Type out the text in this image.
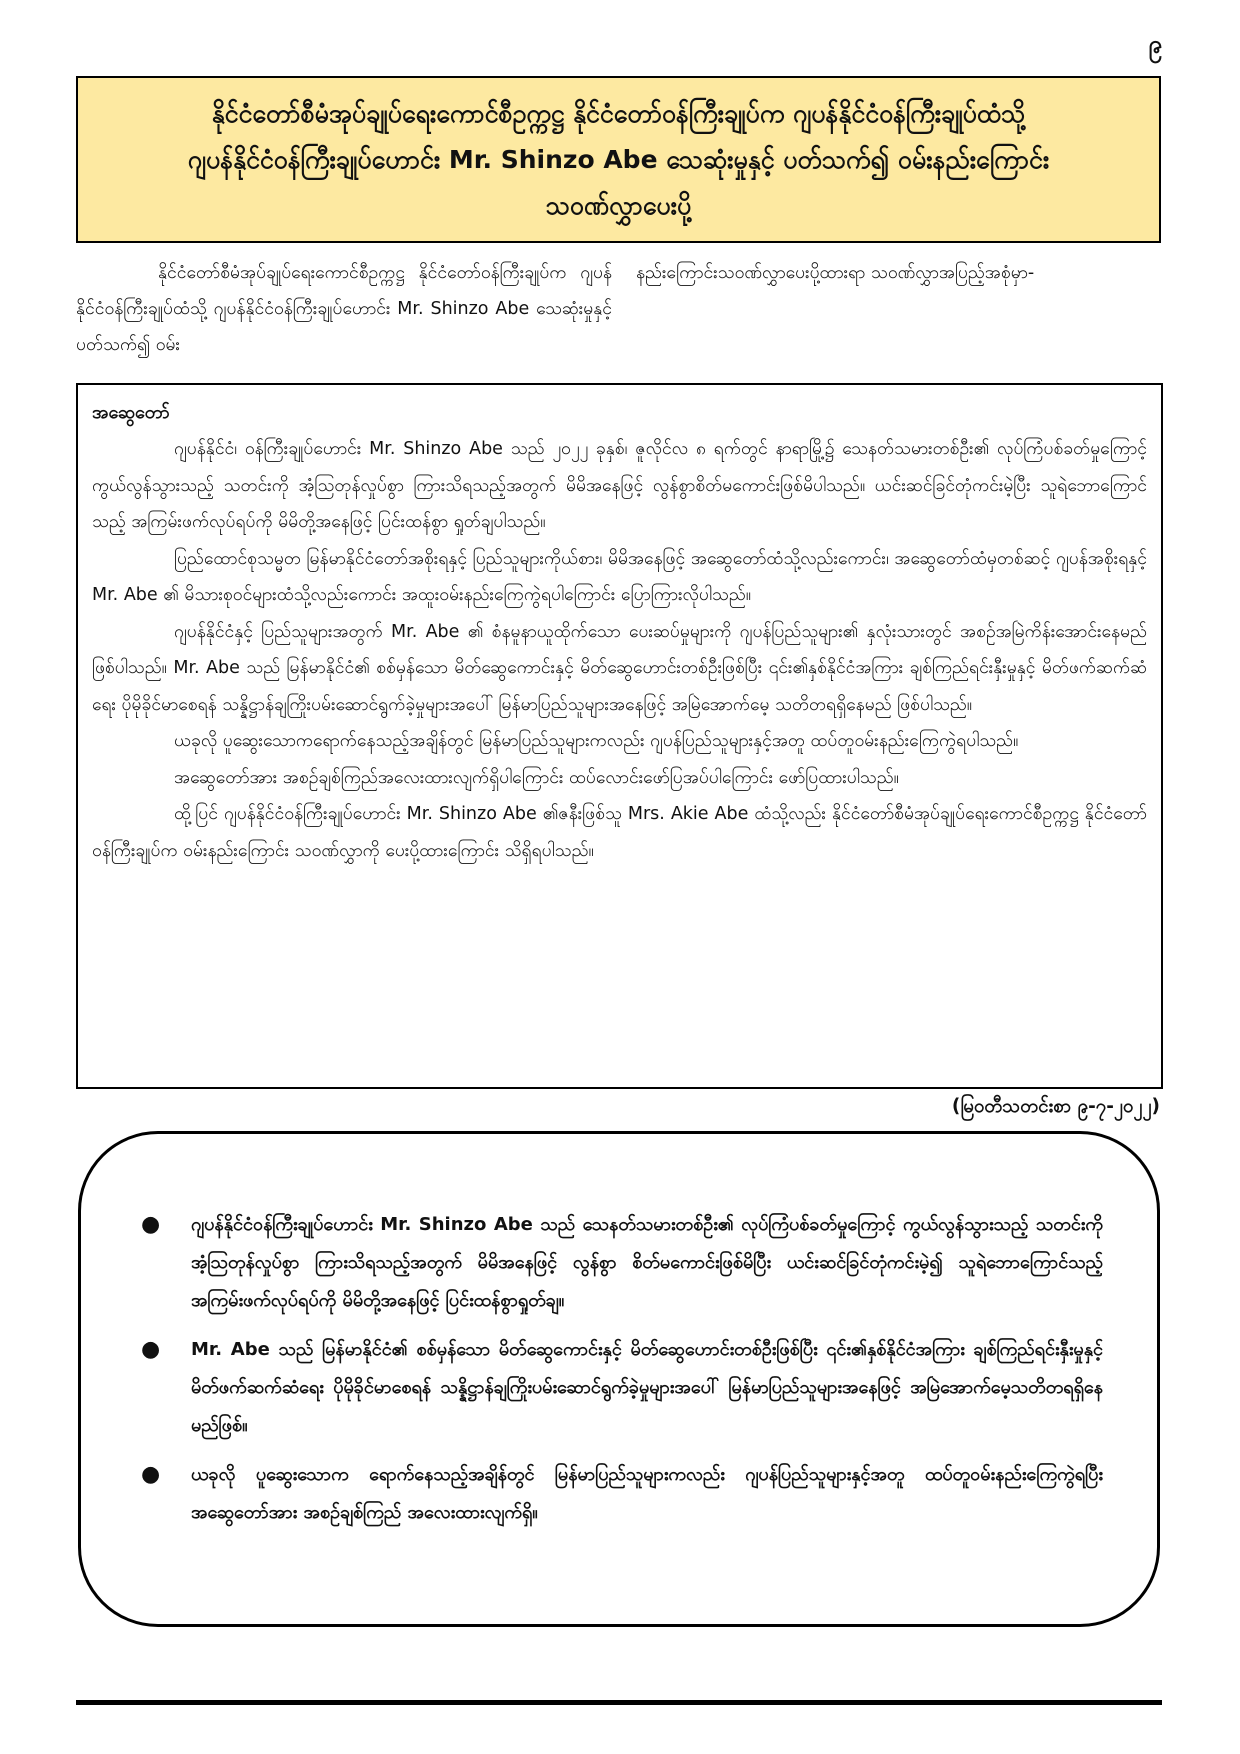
၉
နိုင်ငံတော်စီမံအုပ်ချုပ်ရေးကောင်စီဥက္ကဋ္ဌ နိုင်ငံတော်ဝန်ကြီးချုပ်က ဂျပန်နိုင်ငံဝန်ကြီးချုပ်ထံသို့
ဂျပန်နိုင်ငံဝန်ကြီးချုပ်ဟောင်း Mr. Shinzo Abe သေဆုံးမှုနှင့် ပတ်သက်၍ ဝမ်းနည်းကြောင်း
သဝဏ်လွှာပေးပို့
နိုင်ငံတော်စီမံအုပ်ချုပ်ရေးကောင်စီဥက္ကဋ္ဌ နိုင်ငံတော်ဝန်ကြီးချုပ်က ဂျပန်နိုင်ငံဝန်ကြီးချုပ်ထံသို့ ဂျပန်နိုင်ငံဝန်ကြီးချုပ်ဟောင်း Mr. Shinzo Abe သေဆုံးမှုနှင့်ပတ်သက်၍ ဝမ်း
နည်းကြောင်းသဝဏ်လွှာပေးပို့ထားရာ သဝဏ်လွှာအပြည့်အစုံမှာ-
အဆွေတော်

ဂျပန်နိုင်ငံ၊ ဝန်ကြီးချုပ်ဟောင်း Mr. Shinzo Abe သည် ၂၀၂၂ ခုနှစ်၊ ဇူလိုင်လ ၈ ရက်တွင် နာရာမြို့၌ သေနတ်သမားတစ်ဦး၏ လုပ်ကြံပစ်ခတ်မှုကြောင့် ကွယ်လွန်သွားသည့် သတင်းကို အံ့သြတုန်လှုပ်စွာ ကြားသိရသည့်အတွက် မိမိအနေဖြင့် လွန်စွာစိတ်မကောင်းဖြစ်မိပါသည်။ ယင်းဆင်ခြင်တုံကင်းမဲ့ပြီး သူရဲဘောကြောင်သည့် အကြမ်းဖက်လုပ်ရပ်ကို မိမိတို့အနေဖြင့် ပြင်းထန်စွာ ရှုတ်ချပါသည်။

ပြည်ထောင်စုသမ္မတ မြန်မာနိုင်ငံတော်အစိုးရနှင့် ပြည်သူများကိုယ်စား၊ မိမိအနေဖြင့် အဆွေတော်ထံသို့လည်းကောင်း၊ အဆွေတော်ထံမှတစ်ဆင့် ဂျပန်အစိုးရနှင့် Mr. Abe ၏ မိသားစုဝင်များထံသို့လည်းကောင်း အထူးဝမ်းနည်းကြေကွဲရပါကြောင်း ပြောကြားလိုပါသည်။

ဂျပန်နိုင်ငံနှင့် ပြည်သူများအတွက် Mr. Abe ၏ စံနမူနာယူထိုက်သော ပေးဆပ်မှုများကို ဂျပန်ပြည်သူများ၏ နှလုံးသားတွင် အစဉ်အမြဲကိန်းအောင်းနေမည် ဖြစ်ပါသည်။ Mr. Abe သည် မြန်မာနိုင်ငံ၏ စစ်မှန်သော မိတ်ဆွေကောင်းနှင့် မိတ်ဆွေဟောင်းတစ်ဦးဖြစ်ပြီး ၎င်း၏နှစ်နိုင်ငံအကြား ချစ်ကြည်ရင်းနှီးမှုနှင့် မိတ်ဖက်ဆက်ဆံရေး ပိုမိုခိုင်မာစေရန် သန္နိဋ္ဌာန်ချကြိုးပမ်းဆောင်ရွက်ခဲ့မှုများအပေါ် မြန်မာပြည်သူများအနေဖြင့် အမြဲအောက်မေ့ သတိတရရှိနေမည် ဖြစ်ပါသည်။

ယခုလို ပူဆွေးသောကရောက်နေသည့်အချိန်တွင် မြန်မာပြည်သူများကလည်း ဂျပန်ပြည်သူများနှင့်အတူ ထပ်တူဝမ်းနည်းကြေကွဲရပါသည်။

အဆွေတော်အား အစဉ်ချစ်ကြည်အလေးထားလျက်ရှိပါကြောင်း ထပ်လောင်းဖော်ပြအပ်ပါကြောင်း ဖော်ပြထားပါသည်။

ထို့ပြင် ဂျပန်နိုင်ငံဝန်ကြီးချုပ်ဟောင်း Mr. Shinzo Abe ၏ဇနီးဖြစ်သူ Mrs. Akie Abe ထံသို့လည်း နိုင်ငံတော်စီမံအုပ်ချုပ်ရေးကောင်စီဥက္ကဋ္ဌ နိုင်ငံတော်ဝန်ကြီးချုပ်က ဝမ်းနည်းကြောင်း သဝဏ်လွှာကို ပေးပို့ထားကြောင်း သိရှိရပါသည်။

(မြဝတီသတင်းစာ ၉-၇-၂၀၂၂)
● ဂျပန်နိုင်ငံဝန်ကြီးချုပ်ဟောင်း Mr. Shinzo Abe သည် သေနတ်သမားတစ်ဦး၏ လုပ်ကြံပစ်ခတ်မှုကြောင့် ကွယ်လွန်သွားသည့် သတင်းကို အံ့သြတုန်လှုပ်စွာ ကြားသိရသည့်အတွက် မိမိအနေဖြင့် လွန်စွာ စိတ်မကောင်းဖြစ်မိပြီး ယင်းဆင်ခြင်တုံကင်းမဲ့၍ သူရဲဘောကြောင်သည့် အကြမ်းဖက်လုပ်ရပ်ကို မိမိတို့အနေဖြင့် ပြင်းထန်စွာရှုတ်ချ။
● Mr. Abe သည် မြန်မာနိုင်ငံ၏ စစ်မှန်သော မိတ်ဆွေကောင်းနှင့် မိတ်ဆွေဟောင်းတစ်ဦးဖြစ်ပြီး ၎င်း၏နှစ်နိုင်ငံအကြား ချစ်ကြည်ရင်းနှီးမှုနှင့် မိတ်ဖက်ဆက်ဆံရေး ပိုမိုခိုင်မာစေရန် သန္နိဋ္ဌာန်ချကြိုးပမ်းဆောင်ရွက်ခဲ့မှုများအပေါ် မြန်မာပြည်သူများအနေဖြင့် အမြဲအောက်မေ့သတိတရရှိနေမည်ဖြစ်။
● ယခုလို ပူဆွေးသောက ရောက်နေသည့်အချိန်တွင် မြန်မာပြည်သူများကလည်း ဂျပန်ပြည်သူများနှင့်အတူ ထပ်တူဝမ်းနည်းကြေကွဲရပြီး အဆွေတော်အား အစဉ်ချစ်ကြည် အလေးထားလျက်ရှိ။
